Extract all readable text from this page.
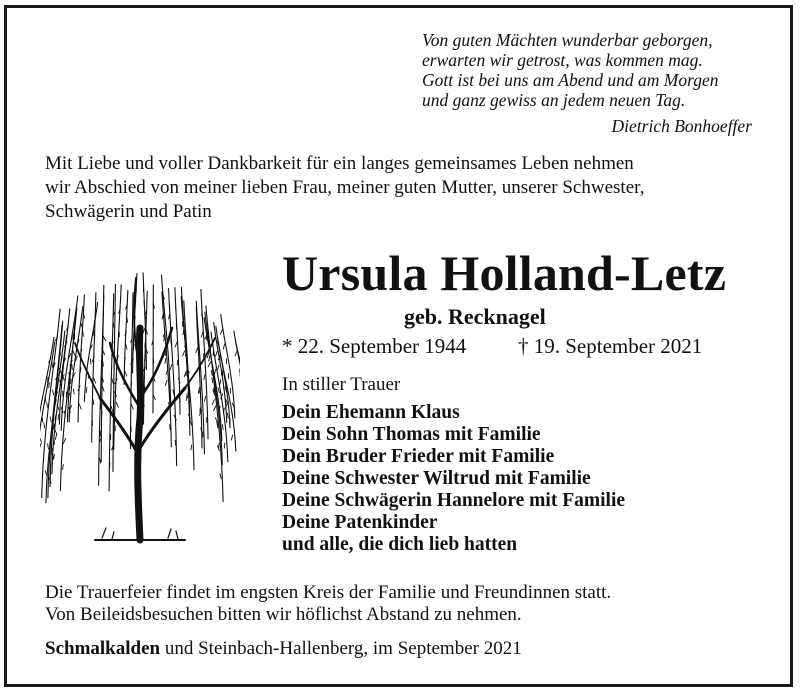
Von guten Mächten wunderbar geborgen,
erwarten wir getrost, was kommen mag.
Gott ist bei uns am Abend und am Morgen
und ganz gewiss an jedem neuen Tag.
Dietrich Bonhoeffer
Mit Liebe und voller Dankbarkeit für ein langes gemeinsames Leben nehmen
wir Abschied von meiner lieben Frau, meiner guten Mutter, unserer Schwester,
Schwägerin und Patin
Ursula Holland-Letz
geb. Recknagel
* 22. September 1944 † 19. September 2021
In stiller Trauer
Dein Ehemann Klaus
Dein Sohn Thomas mit Familie
Dein Bruder Frieder mit Familie
Deine Schwester Wiltrud mit Familie
Deine Schwägerin Hannelore mit Familie
Deine Patenkinder
und alle, die dich lieb hatten
Die Trauerfeier findet im engsten Kreis der Familie und Freundinnen statt.
Von Beileidsbesuchen bitten wir höflichst Abstand zu nehmen.
Schmalkalden und Steinbach-Hallenberg, im September 2021
